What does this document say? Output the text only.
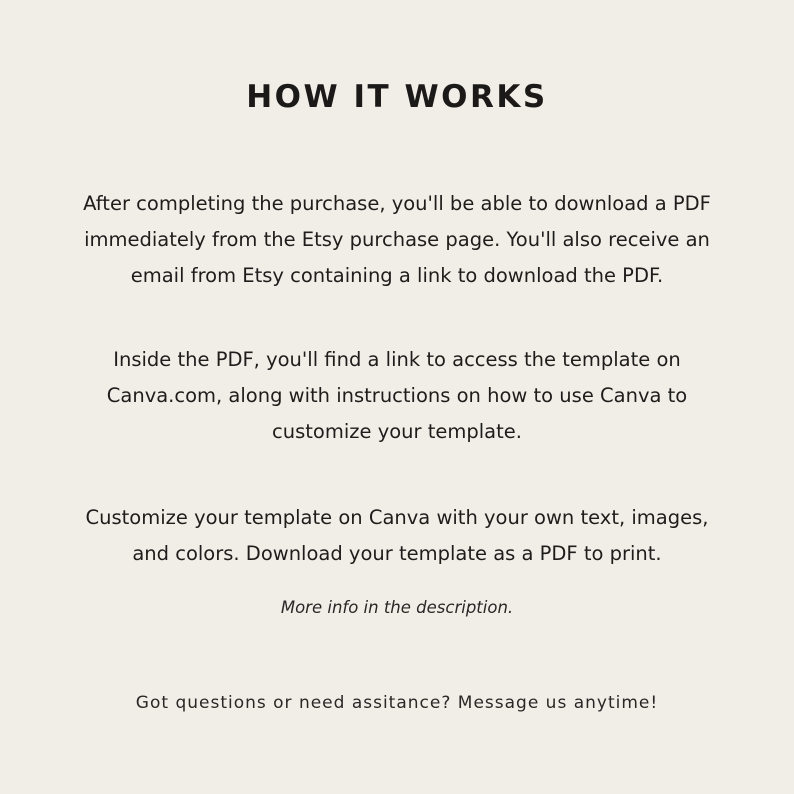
HOW IT WORKS
After completing the purchase, you'll be able to download a PDF
immediately from the Etsy purchase page. You'll also receive an
email from Etsy containing a link to download the PDF.
Inside the PDF, you'll find a link to access the template on
Canva.com, along with instructions on how to use Canva to
customize your template.
Customize your template on Canva with your own text, images,
and colors. Download your template as a PDF to print.
More info in the description.
Got questions or need assitance? Message us anytime!
